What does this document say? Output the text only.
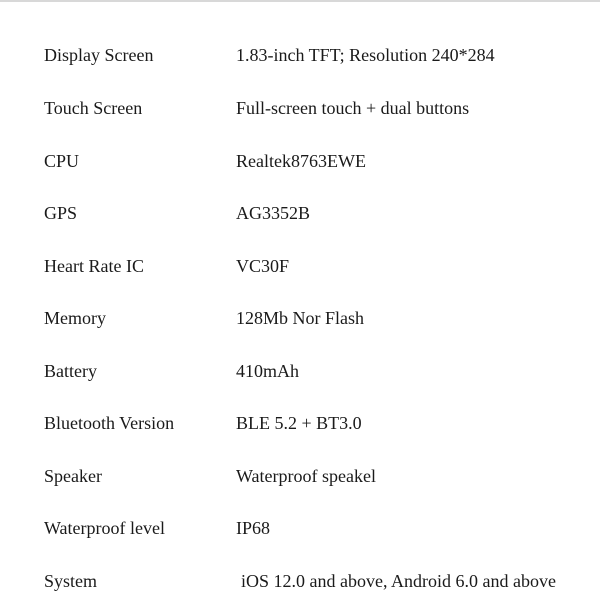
Display Screen	1.83-inch TFT; Resolution 240*284
Touch Screen	Full-screen touch + dual buttons
CPU	Realtek8763EWE
GPS	AG3352B
Heart Rate IC	VC30F
Memory	128Mb Nor Flash
Battery	410mAh
Bluetooth Version	BLE 5.2 + BT3.0
Speaker	Waterproof speakel
Waterproof level	IP68
System	iOS 12.0 and above, Android 6.0 and above
